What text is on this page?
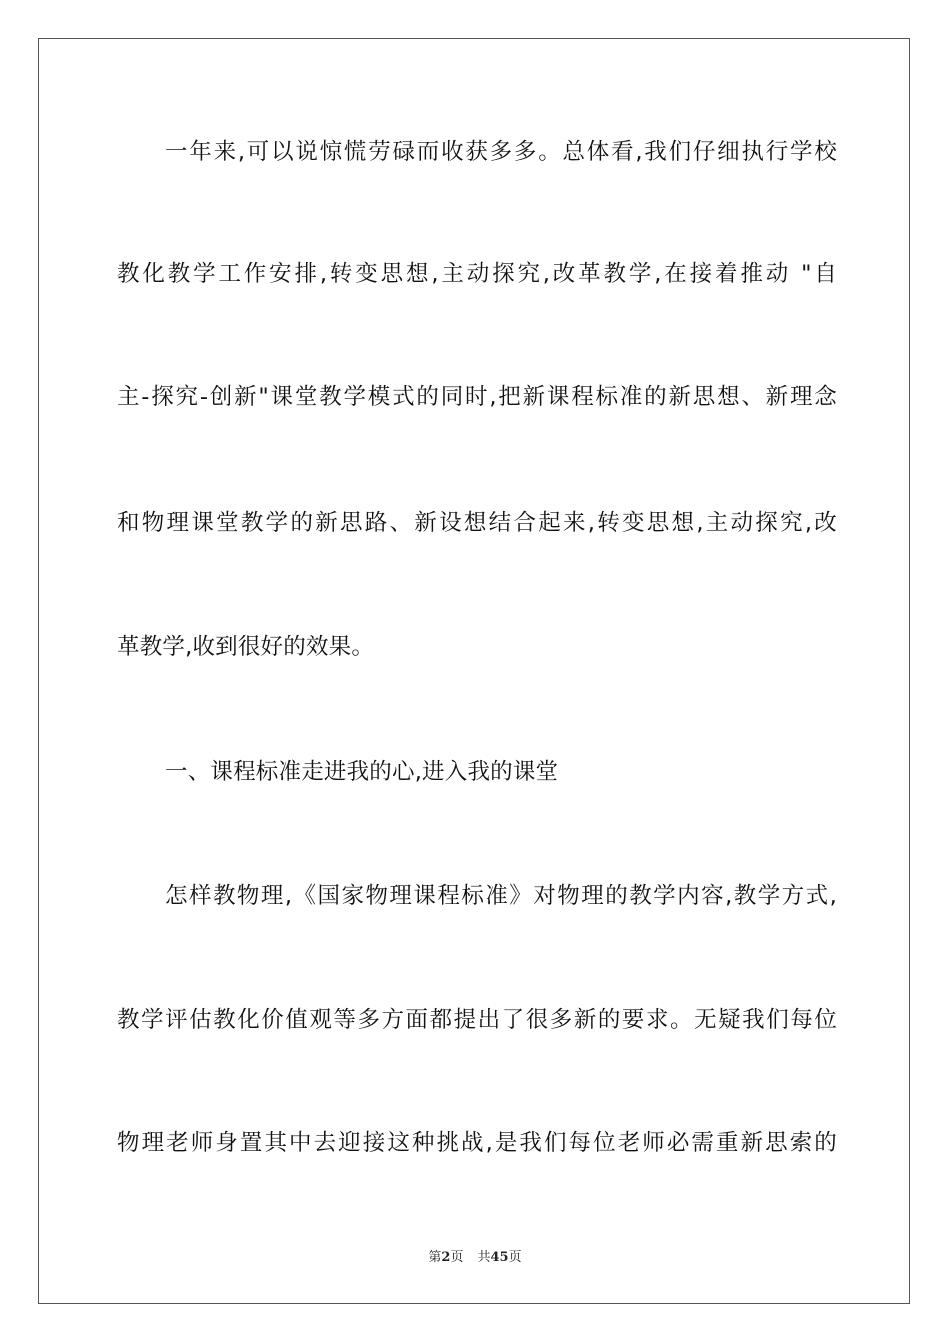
一年来,可以说惊慌劳碌而收获多多。总体看,我们仔细执行学校
教化教学工作安排,转变思想,主动探究,改革教学,在接着推动 "自
主-探究-创新"课堂教学模式的同时,把新课程标准的新思想、新理念
和物理课堂教学的新思路、新设想结合起来,转变思想,主动探究,改
革教学,收到很好的效果。
一、课程标准走进我的心,进入我的课堂
怎样教物理,《国家物理课程标准》对物理的教学内容,教学方式,
教学评估教化价值观等多方面都提出了很多新的要求。无疑我们每位
物理老师身置其中去迎接这种挑战,是我们每位老师必需重新思索的
第2页 共45页
